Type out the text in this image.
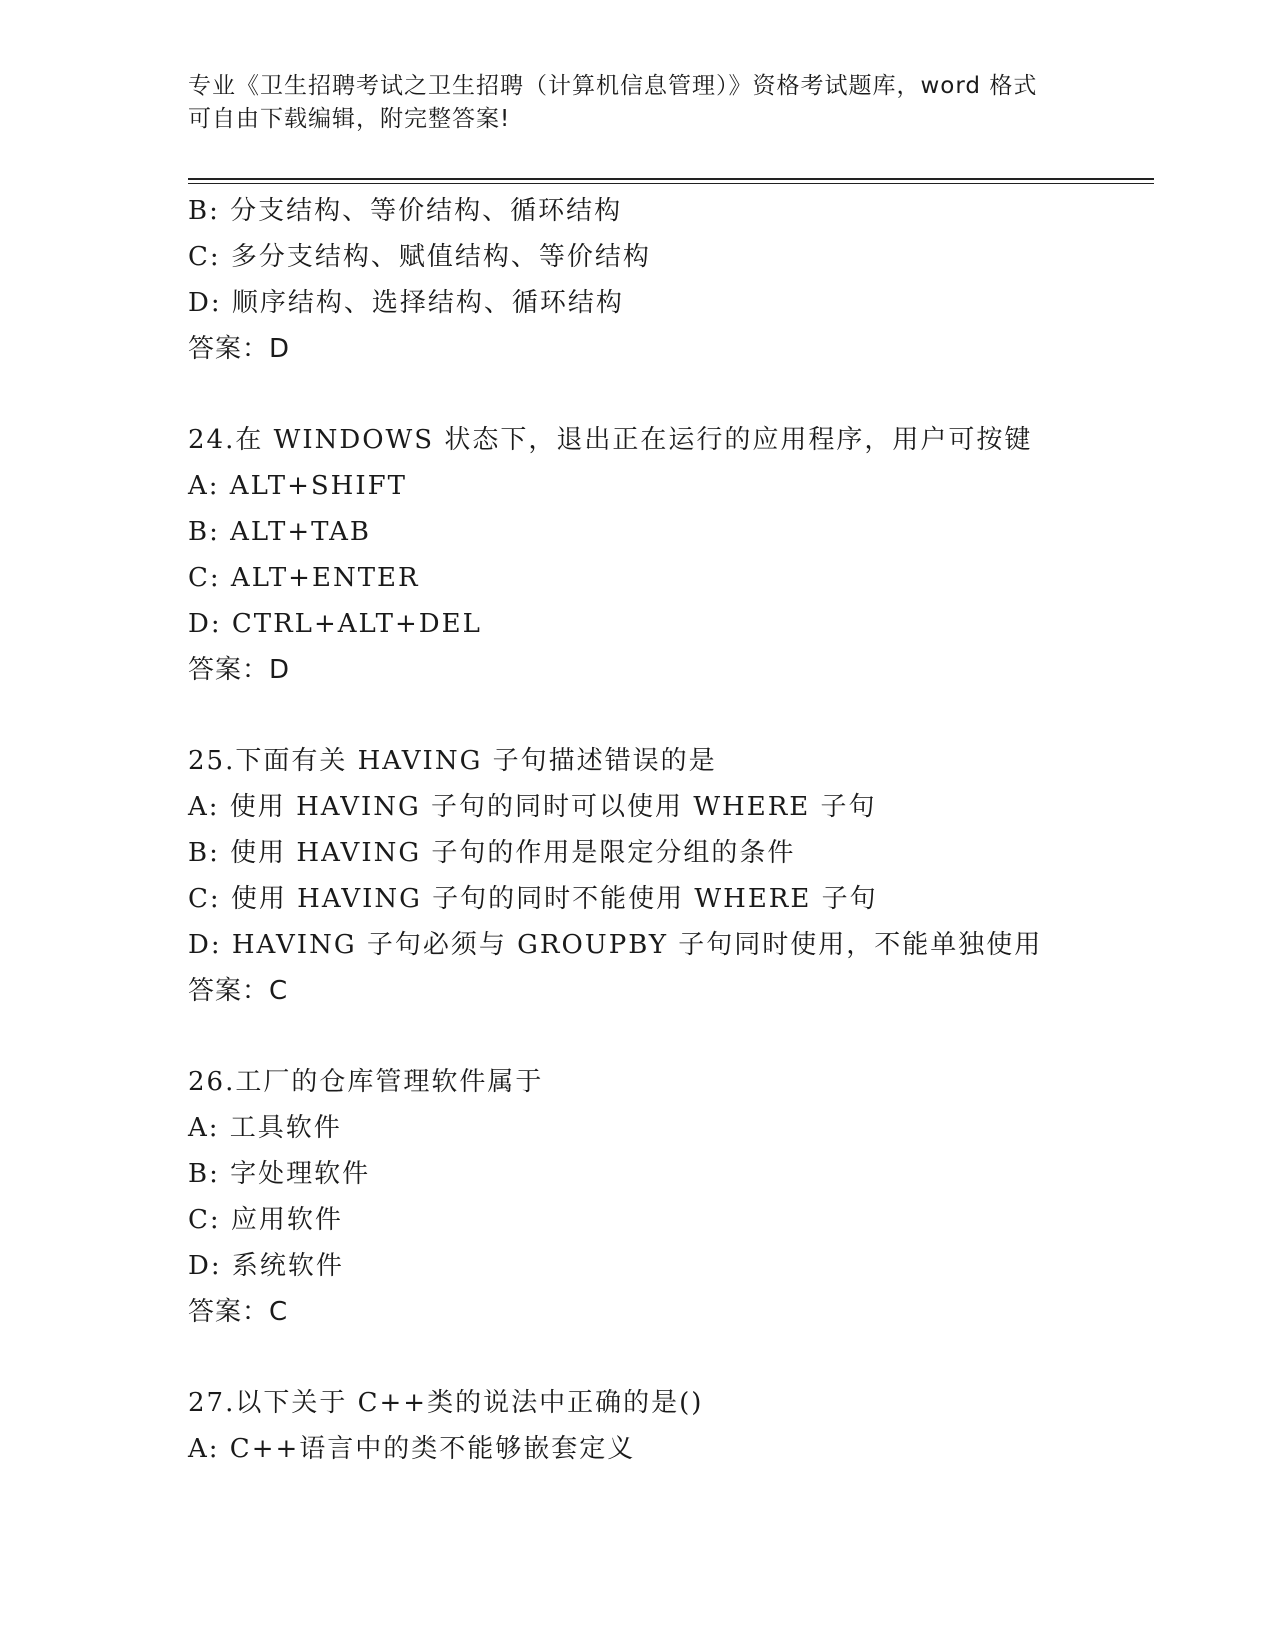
专业《卫生招聘考试之卫生招聘（计算机信息管理）》资格考试题库，word 格式
可自由下载编辑，附完整答案!
B: 分支结构、等价结构、循环结构
C: 多分支结构、赋值结构、等价结构
D: 顺序结构、选择结构、循环结构
答案：D
24.在 WINDOWS 状态下，退出正在运行的应用程序，用户可按键
A: ALT+SHIFT
B: ALT+TAB
C: ALT+ENTER
D: CTRL+ALT+DEL
答案：D
25.下面有关 HAVING 子句描述错误的是
A: 使用 HAVING 子句的同时可以使用 WHERE 子句
B: 使用 HAVING 子句的作用是限定分组的条件
C: 使用 HAVING 子句的同时不能使用 WHERE 子句
D: HAVING 子句必须与 GROUPBY 子句同时使用，不能单独使用
答案：C
26.工厂的仓库管理软件属于
A: 工具软件
B: 字处理软件
C: 应用软件
D: 系统软件
答案：C
27.以下关于 C++类的说法中正确的是()
A: C++语言中的类不能够嵌套定义
